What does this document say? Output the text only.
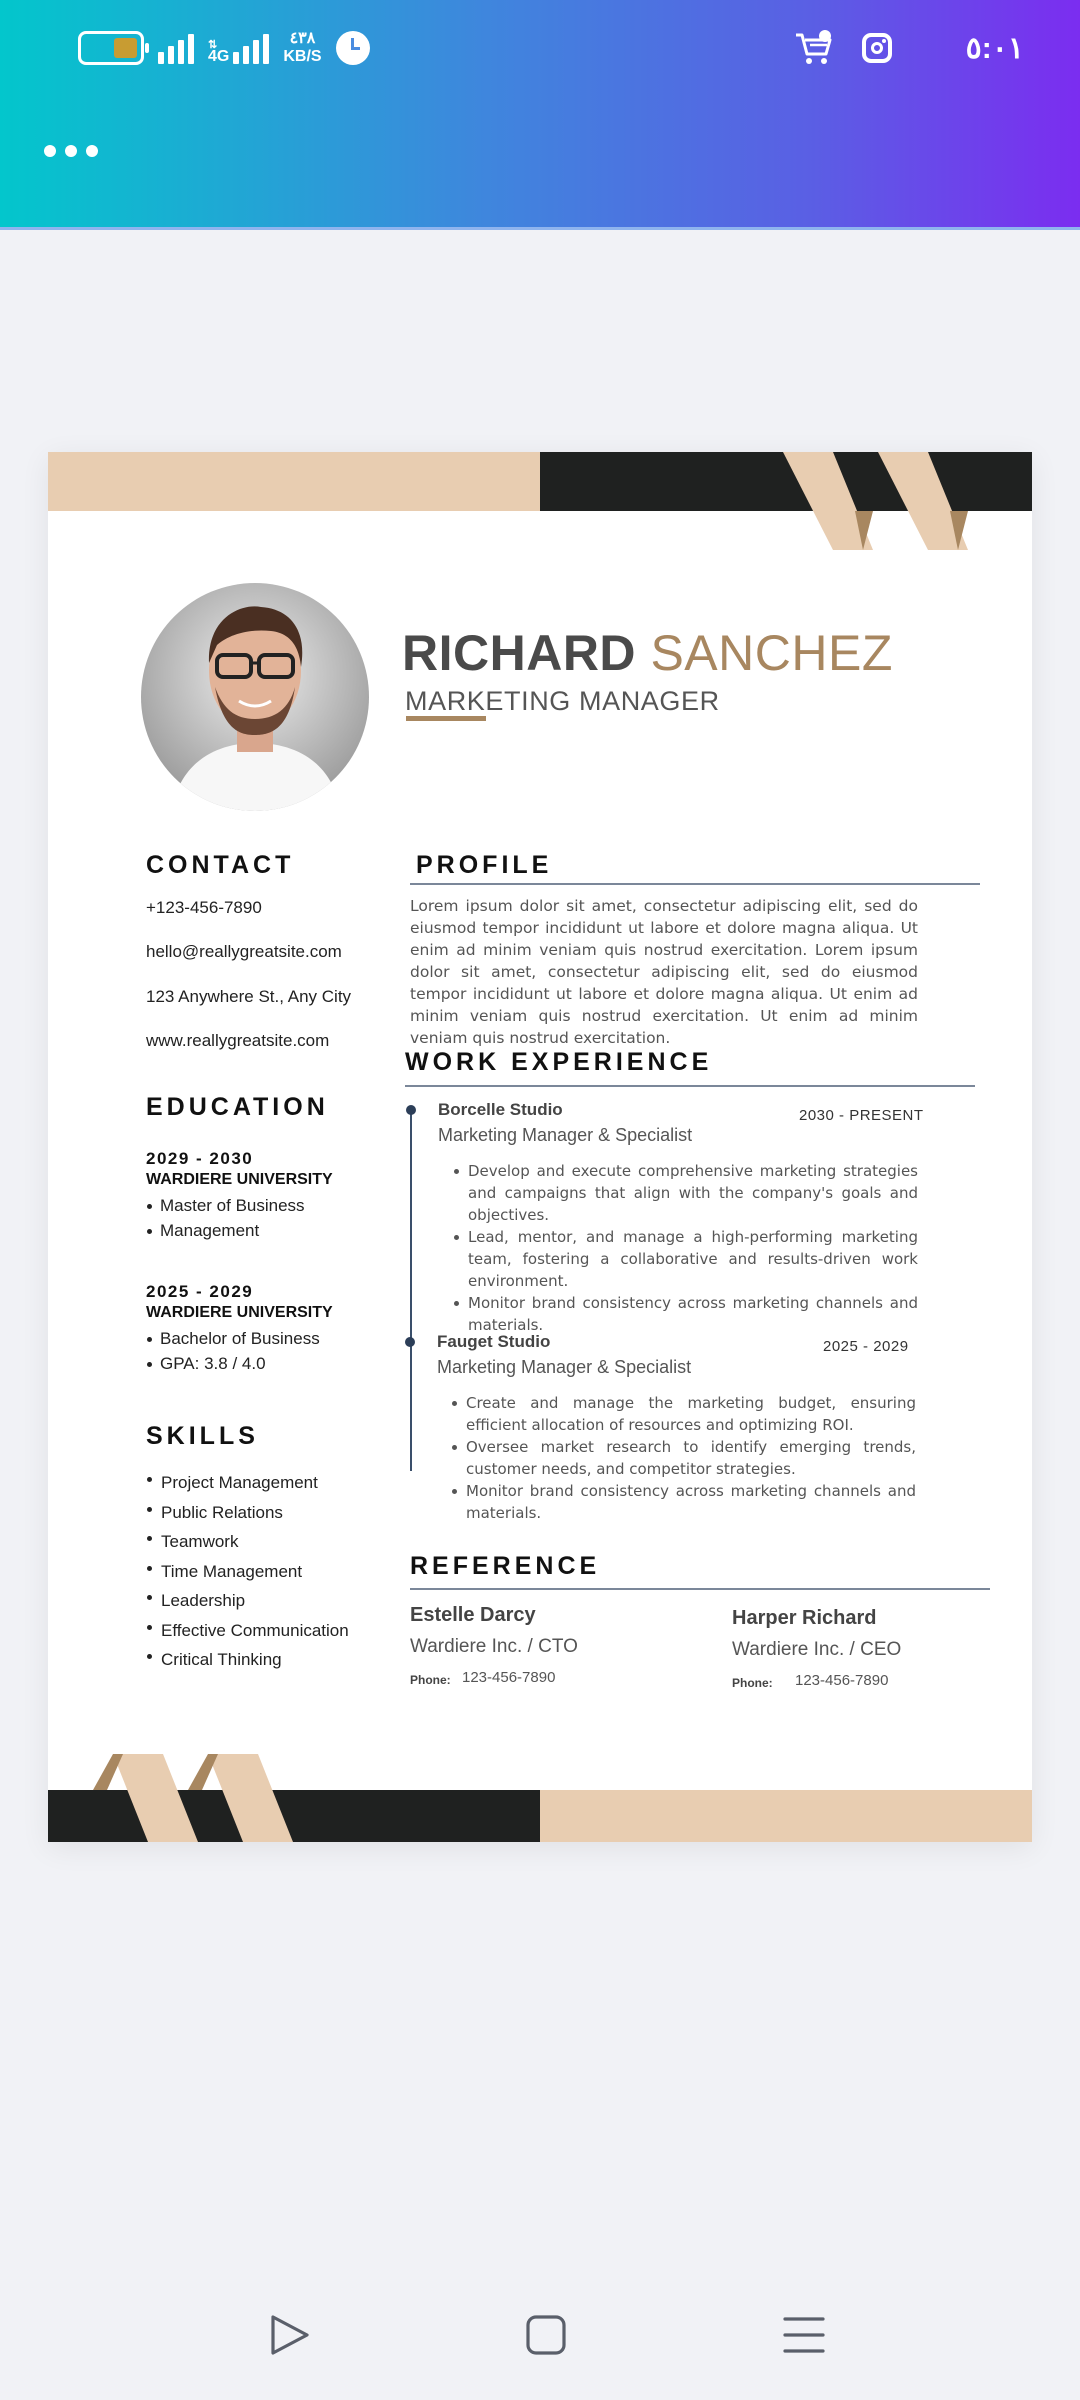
⇅
4G
٤٣٨
KB/S	٥:٠١
RICHARD SANCHEZ
MARKETING MANAGER
CONTACT
+123-456-7890
hello@reallygreatsite.com
123 Anywhere St., Any City
www.reallygreatsite.com
EDUCATION
2029 - 2030
WARDIERE UNIVERSITY
Master of Business
Management
2025 - 2029
WARDIERE UNIVERSITY
Bachelor of Business
GPA: 3.8 / 4.0
SKILLS
Project Management
Public Relations
Teamwork
Time Management
Leadership
Effective Communication
Critical Thinking
PROFILE
Lorem ipsum dolor sit amet, consectetur adipiscing elit, sed do eiusmod tempor incididunt ut labore et dolore magna aliqua. Ut enim ad minim veniam quis nostrud exercitation. Lorem ipsum dolor sit amet, consectetur adipiscing elit, sed do eiusmod tempor incididunt ut labore et dolore magna aliqua. Ut enim ad minim veniam quis nostrud exercitation. Ut enim ad minim veniam quis nostrud exercitation.
WORK EXPERIENCE
Borcelle Studio	2030 - PRESENT
Marketing Manager & Specialist
Develop and execute comprehensive marketing strategies and campaigns that align with the company's goals and objectives.
Lead, mentor, and manage a high-performing marketing team, fostering a collaborative and results-driven work environment.
Monitor brand consistency across marketing channels and materials.
Fauget Studio	2025 - 2029
Marketing Manager & Specialist
Create and manage the marketing budget, ensuring efficient allocation of resources and optimizing ROI.
Oversee market research to identify emerging trends, customer needs, and competitor strategies.
Monitor brand consistency across marketing channels and materials.
REFERENCE
Estelle Darcy
Wardiere Inc. / CTO
Phone: 123-456-7890
Harper Richard
Wardiere Inc. / CEO
Phone: 123-456-7890
